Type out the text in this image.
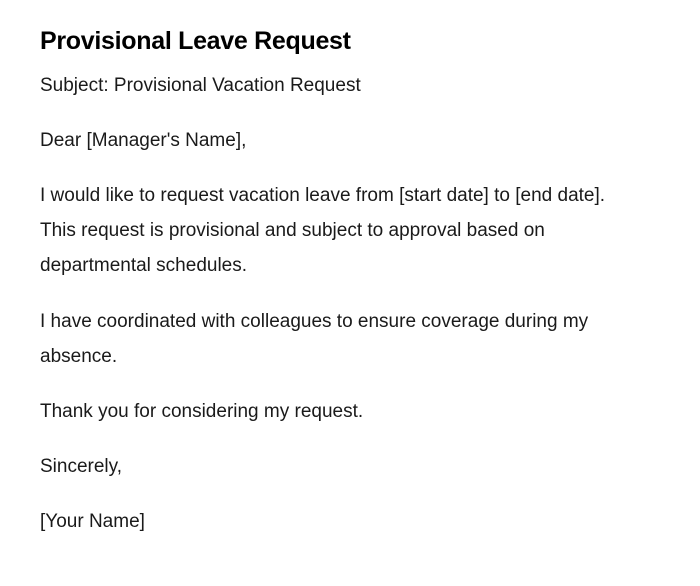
Provisional Leave Request

Subject: Provisional Vacation Request

Dear [Manager's Name],

I would like to request vacation leave from [start date] to [end date]. This request is provisional and subject to approval based on departmental schedules.

I have coordinated with colleagues to ensure coverage during my absence.

Thank you for considering my request.

Sincerely,

[Your Name]
